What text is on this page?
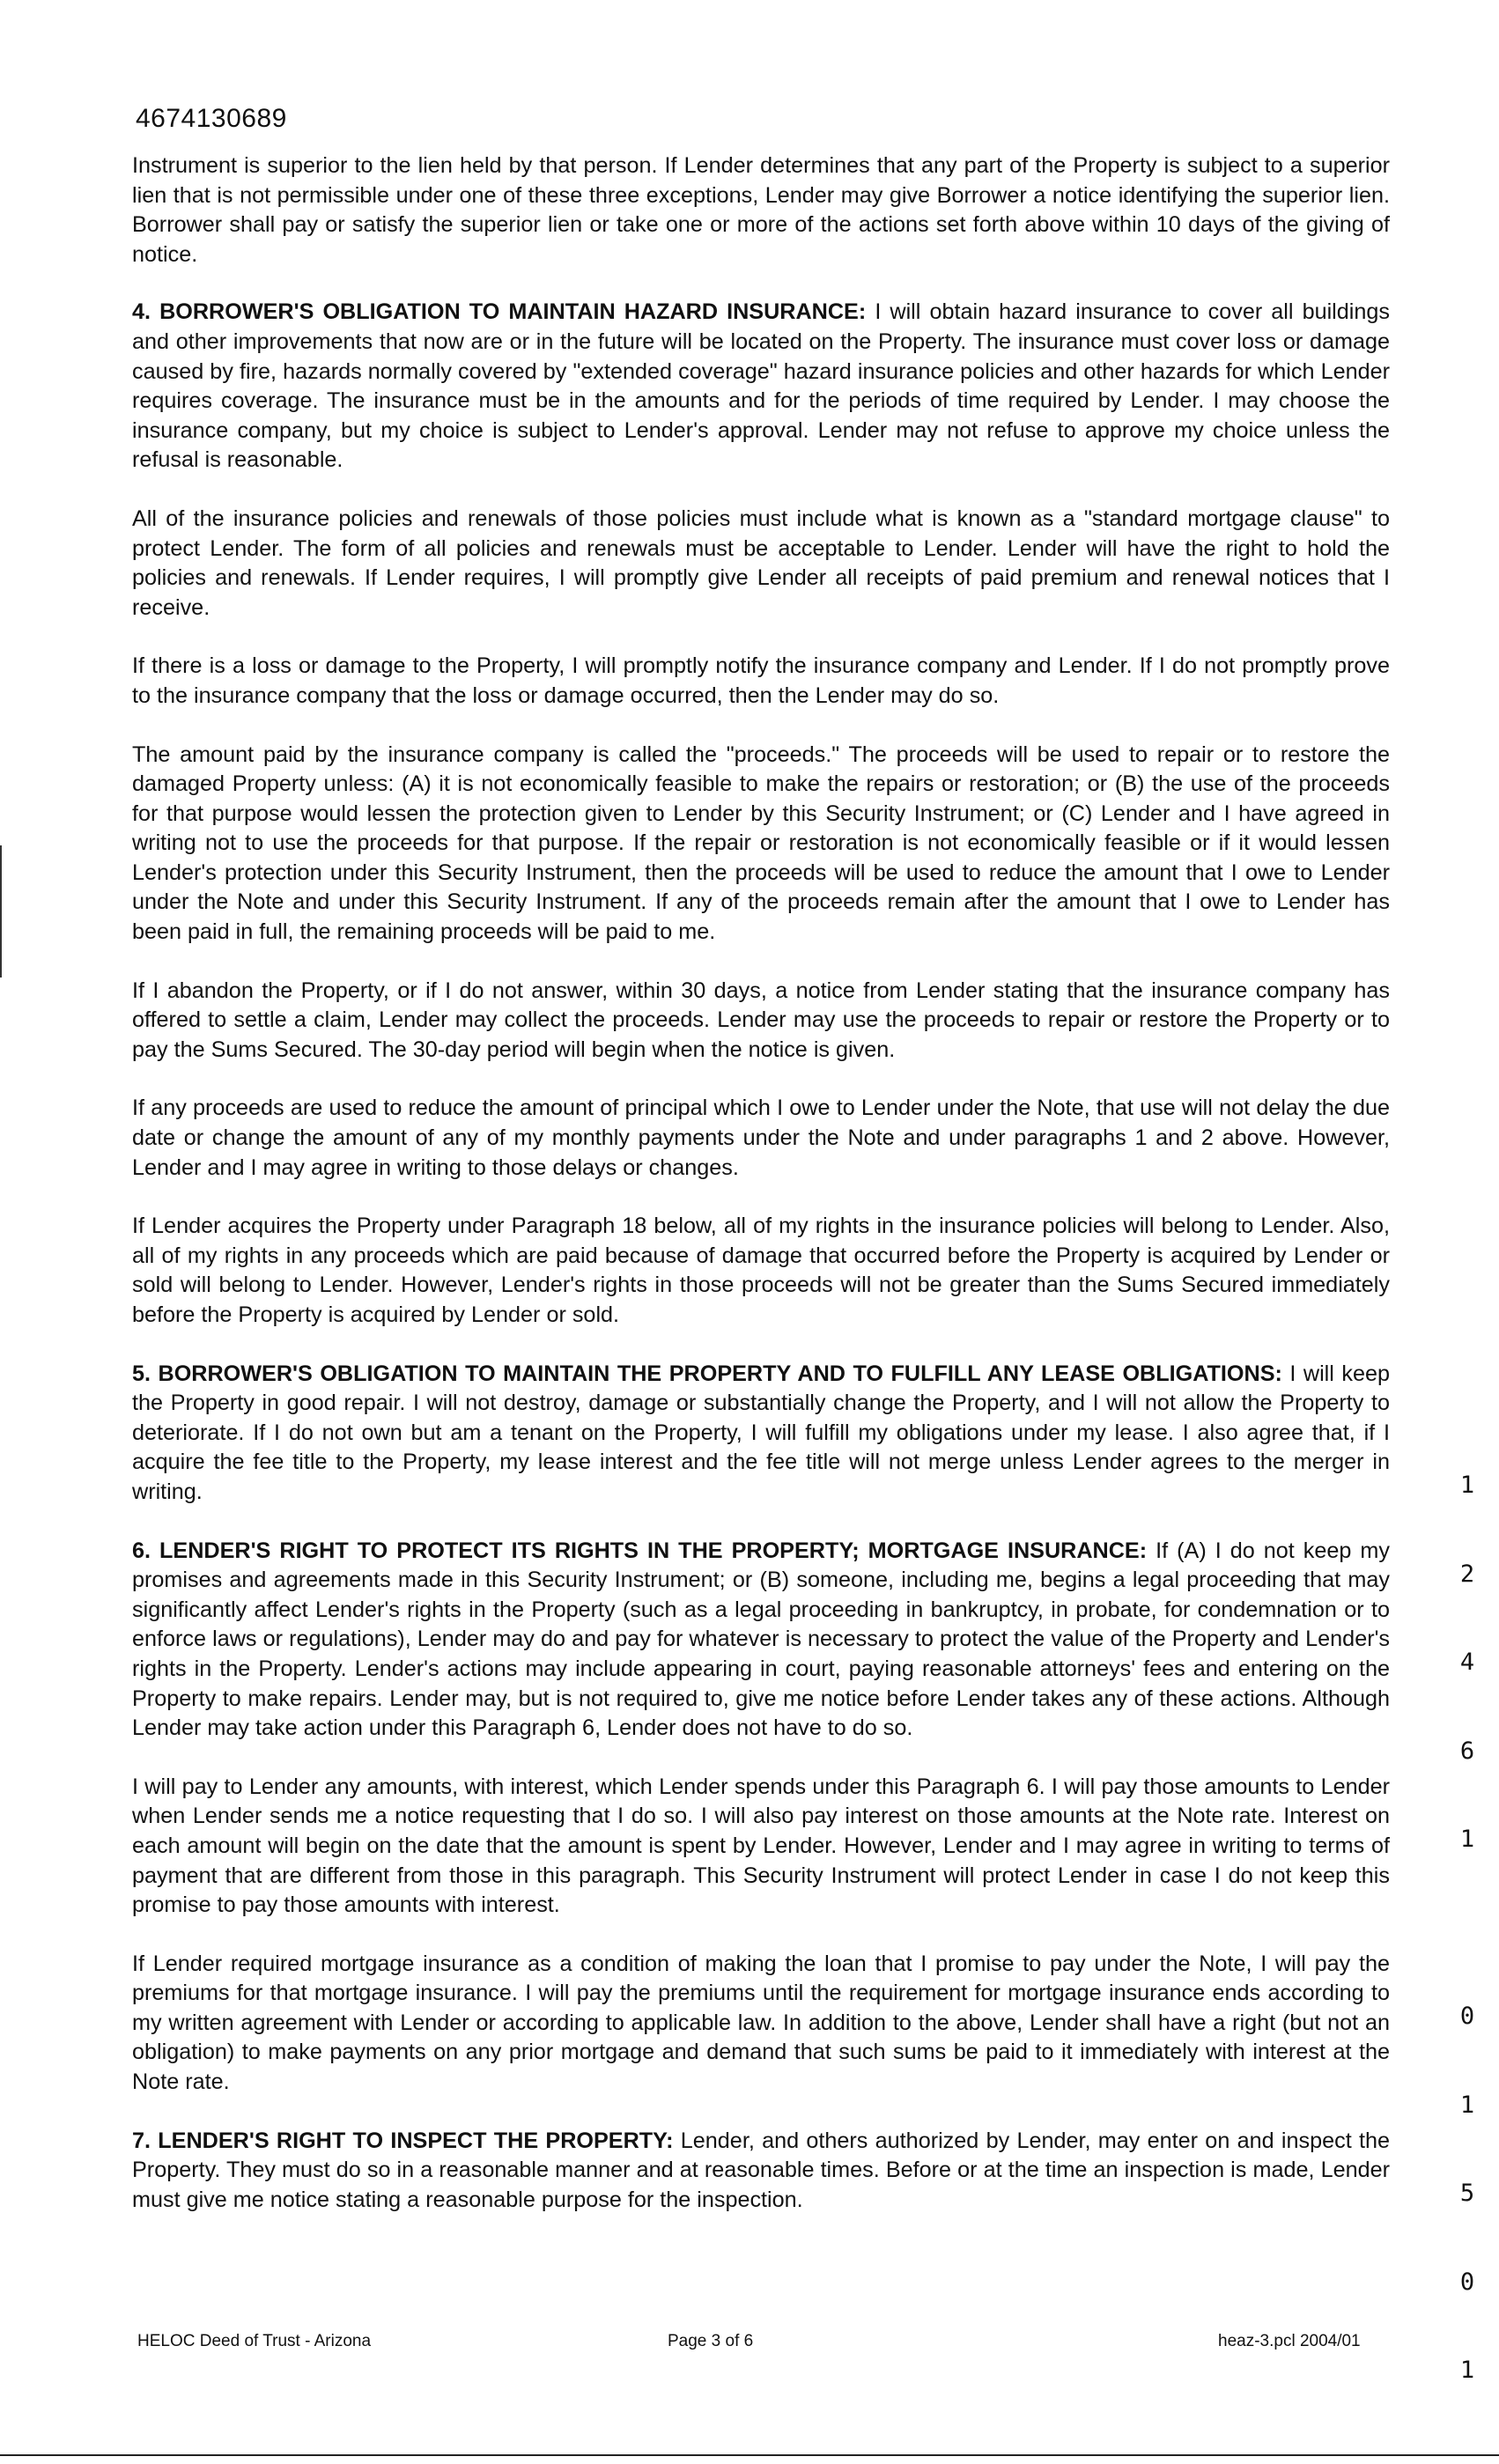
4674130689

Instrument is superior to the lien held by that person. If Lender determines that any part of the Property is subject to a superior lien that is not permissible under one of these three exceptions, Lender may give Borrower a notice identifying the superior lien. Borrower shall pay or satisfy the superior lien or take one or more of the actions set forth above within 10 days of the giving of notice.

4. BORROWER'S OBLIGATION TO MAINTAIN HAZARD INSURANCE: I will obtain hazard insurance to cover all buildings and other improvements that now are or in the future will be located on the Property. The insurance must cover loss or damage caused by fire, hazards normally covered by "extended coverage" hazard insurance policies and other hazards for which Lender requires coverage. The insurance must be in the amounts and for the periods of time required by Lender. I may choose the insurance company, but my choice is subject to Lender's approval. Lender may not refuse to approve my choice unless the refusal is reasonable.

All of the insurance policies and renewals of those policies must include what is known as a "standard mortgage clause" to protect Lender. The form of all policies and renewals must be acceptable to Lender. Lender will have the right to hold the policies and renewals. If Lender requires, I will promptly give Lender all receipts of paid premium and renewal notices that I receive.

If there is a loss or damage to the Property, I will promptly notify the insurance company and Lender. If I do not promptly prove to the insurance company that the loss or damage occurred, then the Lender may do so.

The amount paid by the insurance company is called the "proceeds." The proceeds will be used to repair or to restore the damaged Property unless: (A) it is not economically feasible to make the repairs or restoration; or (B) the use of the proceeds for that purpose would lessen the protection given to Lender by this Security Instrument; or (C) Lender and I have agreed in writing not to use the proceeds for that purpose. If the repair or restoration is not economically feasible or if it would lessen Lender's protection under this Security Instrument, then the proceeds will be used to reduce the amount that I owe to Lender under the Note and under this Security Instrument. If any of the proceeds remain after the amount that I owe to Lender has been paid in full, the remaining proceeds will be paid to me.

If I abandon the Property, or if I do not answer, within 30 days, a notice from Lender stating that the insurance company has offered to settle a claim, Lender may collect the proceeds. Lender may use the proceeds to repair or restore the Property or to pay the Sums Secured. The 30-day period will begin when the notice is given.

If any proceeds are used to reduce the amount of principal which I owe to Lender under the Note, that use will not delay the due date or change the amount of any of my monthly payments under the Note and under paragraphs 1 and 2 above. However, Lender and I may agree in writing to those delays or changes.

If Lender acquires the Property under Paragraph 18 below, all of my rights in the insurance policies will belong to Lender. Also, all of my rights in any proceeds which are paid because of damage that occurred before the Property is acquired by Lender or sold will belong to Lender. However, Lender's rights in those proceeds will not be greater than the Sums Secured immediately before the Property is acquired by Lender or sold.

5. BORROWER'S OBLIGATION TO MAINTAIN THE PROPERTY AND TO FULFILL ANY LEASE OBLIGATIONS: I will keep the Property in good repair. I will not destroy, damage or substantially change the Property, and I will not allow the Property to deteriorate. If I do not own but am a tenant on the Property, I will fulfill my obligations under my lease. I also agree that, if I acquire the fee title to the Property, my lease interest and the fee title will not merge unless Lender agrees to the merger in writing.

6. LENDER'S RIGHT TO PROTECT ITS RIGHTS IN THE PROPERTY; MORTGAGE INSURANCE: If (A) I do not keep my promises and agreements made in this Security Instrument; or (B) someone, including me, begins a legal proceeding that may significantly affect Lender's rights in the Property (such as a legal proceeding in bankruptcy, in probate, for condemnation or to enforce laws or regulations), Lender may do and pay for whatever is necessary to protect the value of the Property and Lender's rights in the Property. Lender's actions may include appearing in court, paying reasonable attorneys' fees and entering on the Property to make repairs. Lender may, but is not required to, give me notice before Lender takes any of these actions. Although Lender may take action under this Paragraph 6, Lender does not have to do so.

I will pay to Lender any amounts, with interest, which Lender spends under this Paragraph 6. I will pay those amounts to Lender when Lender sends me a notice requesting that I do so. I will also pay interest on those amounts at the Note rate. Interest on each amount will begin on the date that the amount is spent by Lender. However, Lender and I may agree in writing to terms of payment that are different from those in this paragraph. This Security Instrument will protect Lender in case I do not keep this promise to pay those amounts with interest.

If Lender required mortgage insurance as a condition of making the loan that I promise to pay under the Note, I will pay the premiums for that mortgage insurance. I will pay the premiums until the requirement for mortgage insurance ends according to my written agreement with Lender or according to applicable law. In addition to the above, Lender shall have a right (but not an obligation) to make payments on any prior mortgage and demand that such sums be paid to it immediately with interest at the Note rate.

7. LENDER'S RIGHT TO INSPECT THE PROPERTY: Lender, and others authorized by Lender, may enter on and inspect the Property. They must do so in a reasonable manner and at reasonable times. Before or at the time an inspection is made, Lender must give me notice stating a reasonable purpose for the inspection.

1

2

4

6

1

0

1

5

0

1

HELOC Deed of Trust - Arizona	Page 3 of 6	heaz-3.pcl 2004/01
